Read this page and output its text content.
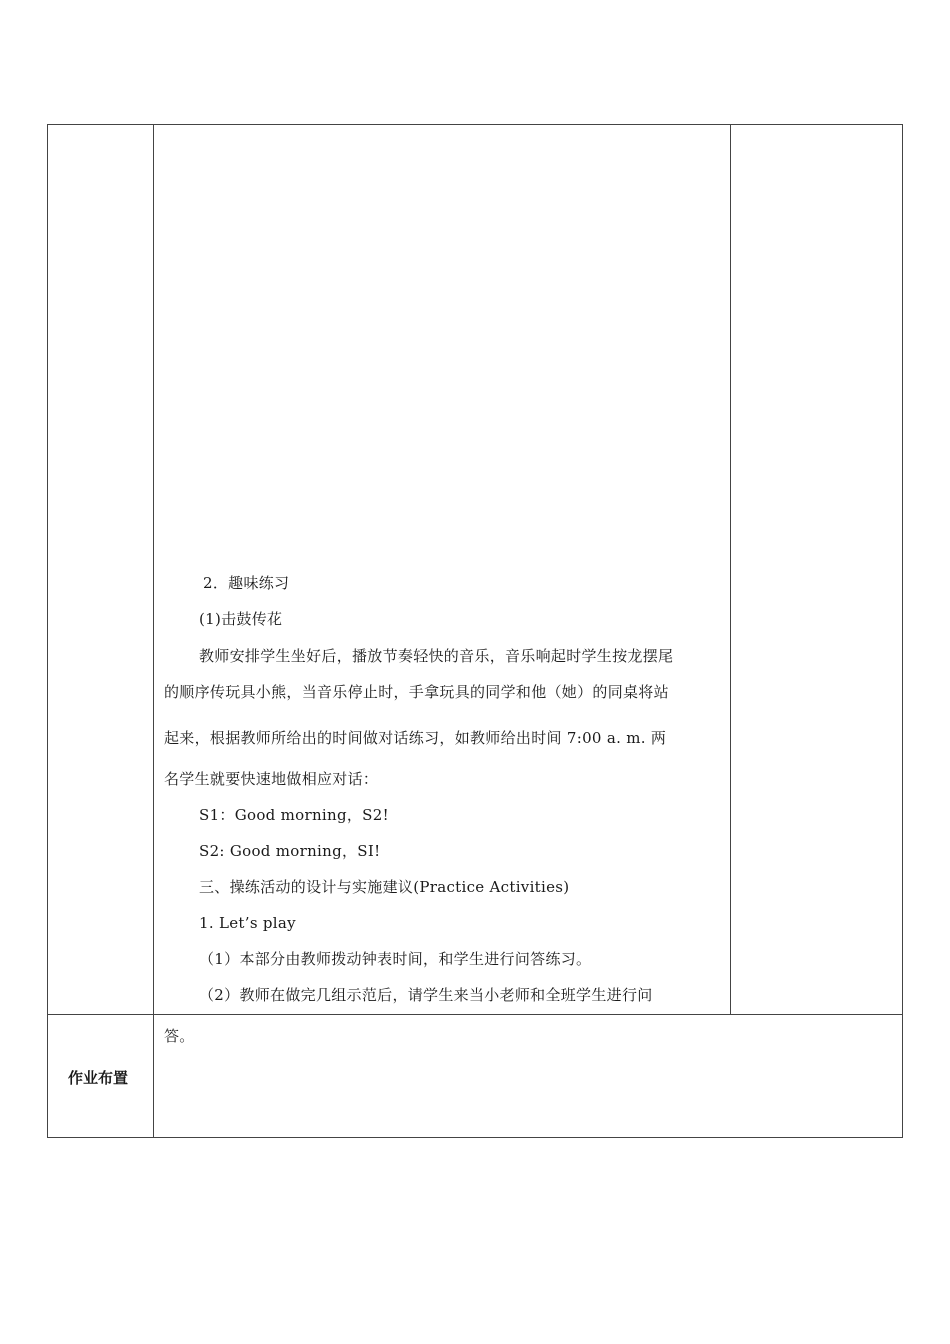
2．趣味练习
(1)击鼓传花
教师安排学生坐好后，播放节奏轻快的音乐，音乐响起时学生按龙摆尾
的顺序传玩具小熊，当音乐停止时，手拿玩具的同学和他（她）的同桌将站
起来，根据教师所给出的时间做对话练习，如教师给出时间 7:00 a. m. 两
名学生就要快速地做相应对话：
S1：Good morning，S2!
S2: Good morning，SI!
三、操练活动的设计与实施建议(Practice Activities)
1. Let’s play
（1）本部分由教师拨动钟表时间，和学生进行问答练习。
（2）教师在做完几组示范后，请学生来当小老师和全班学生进行问
作业布置
答。
